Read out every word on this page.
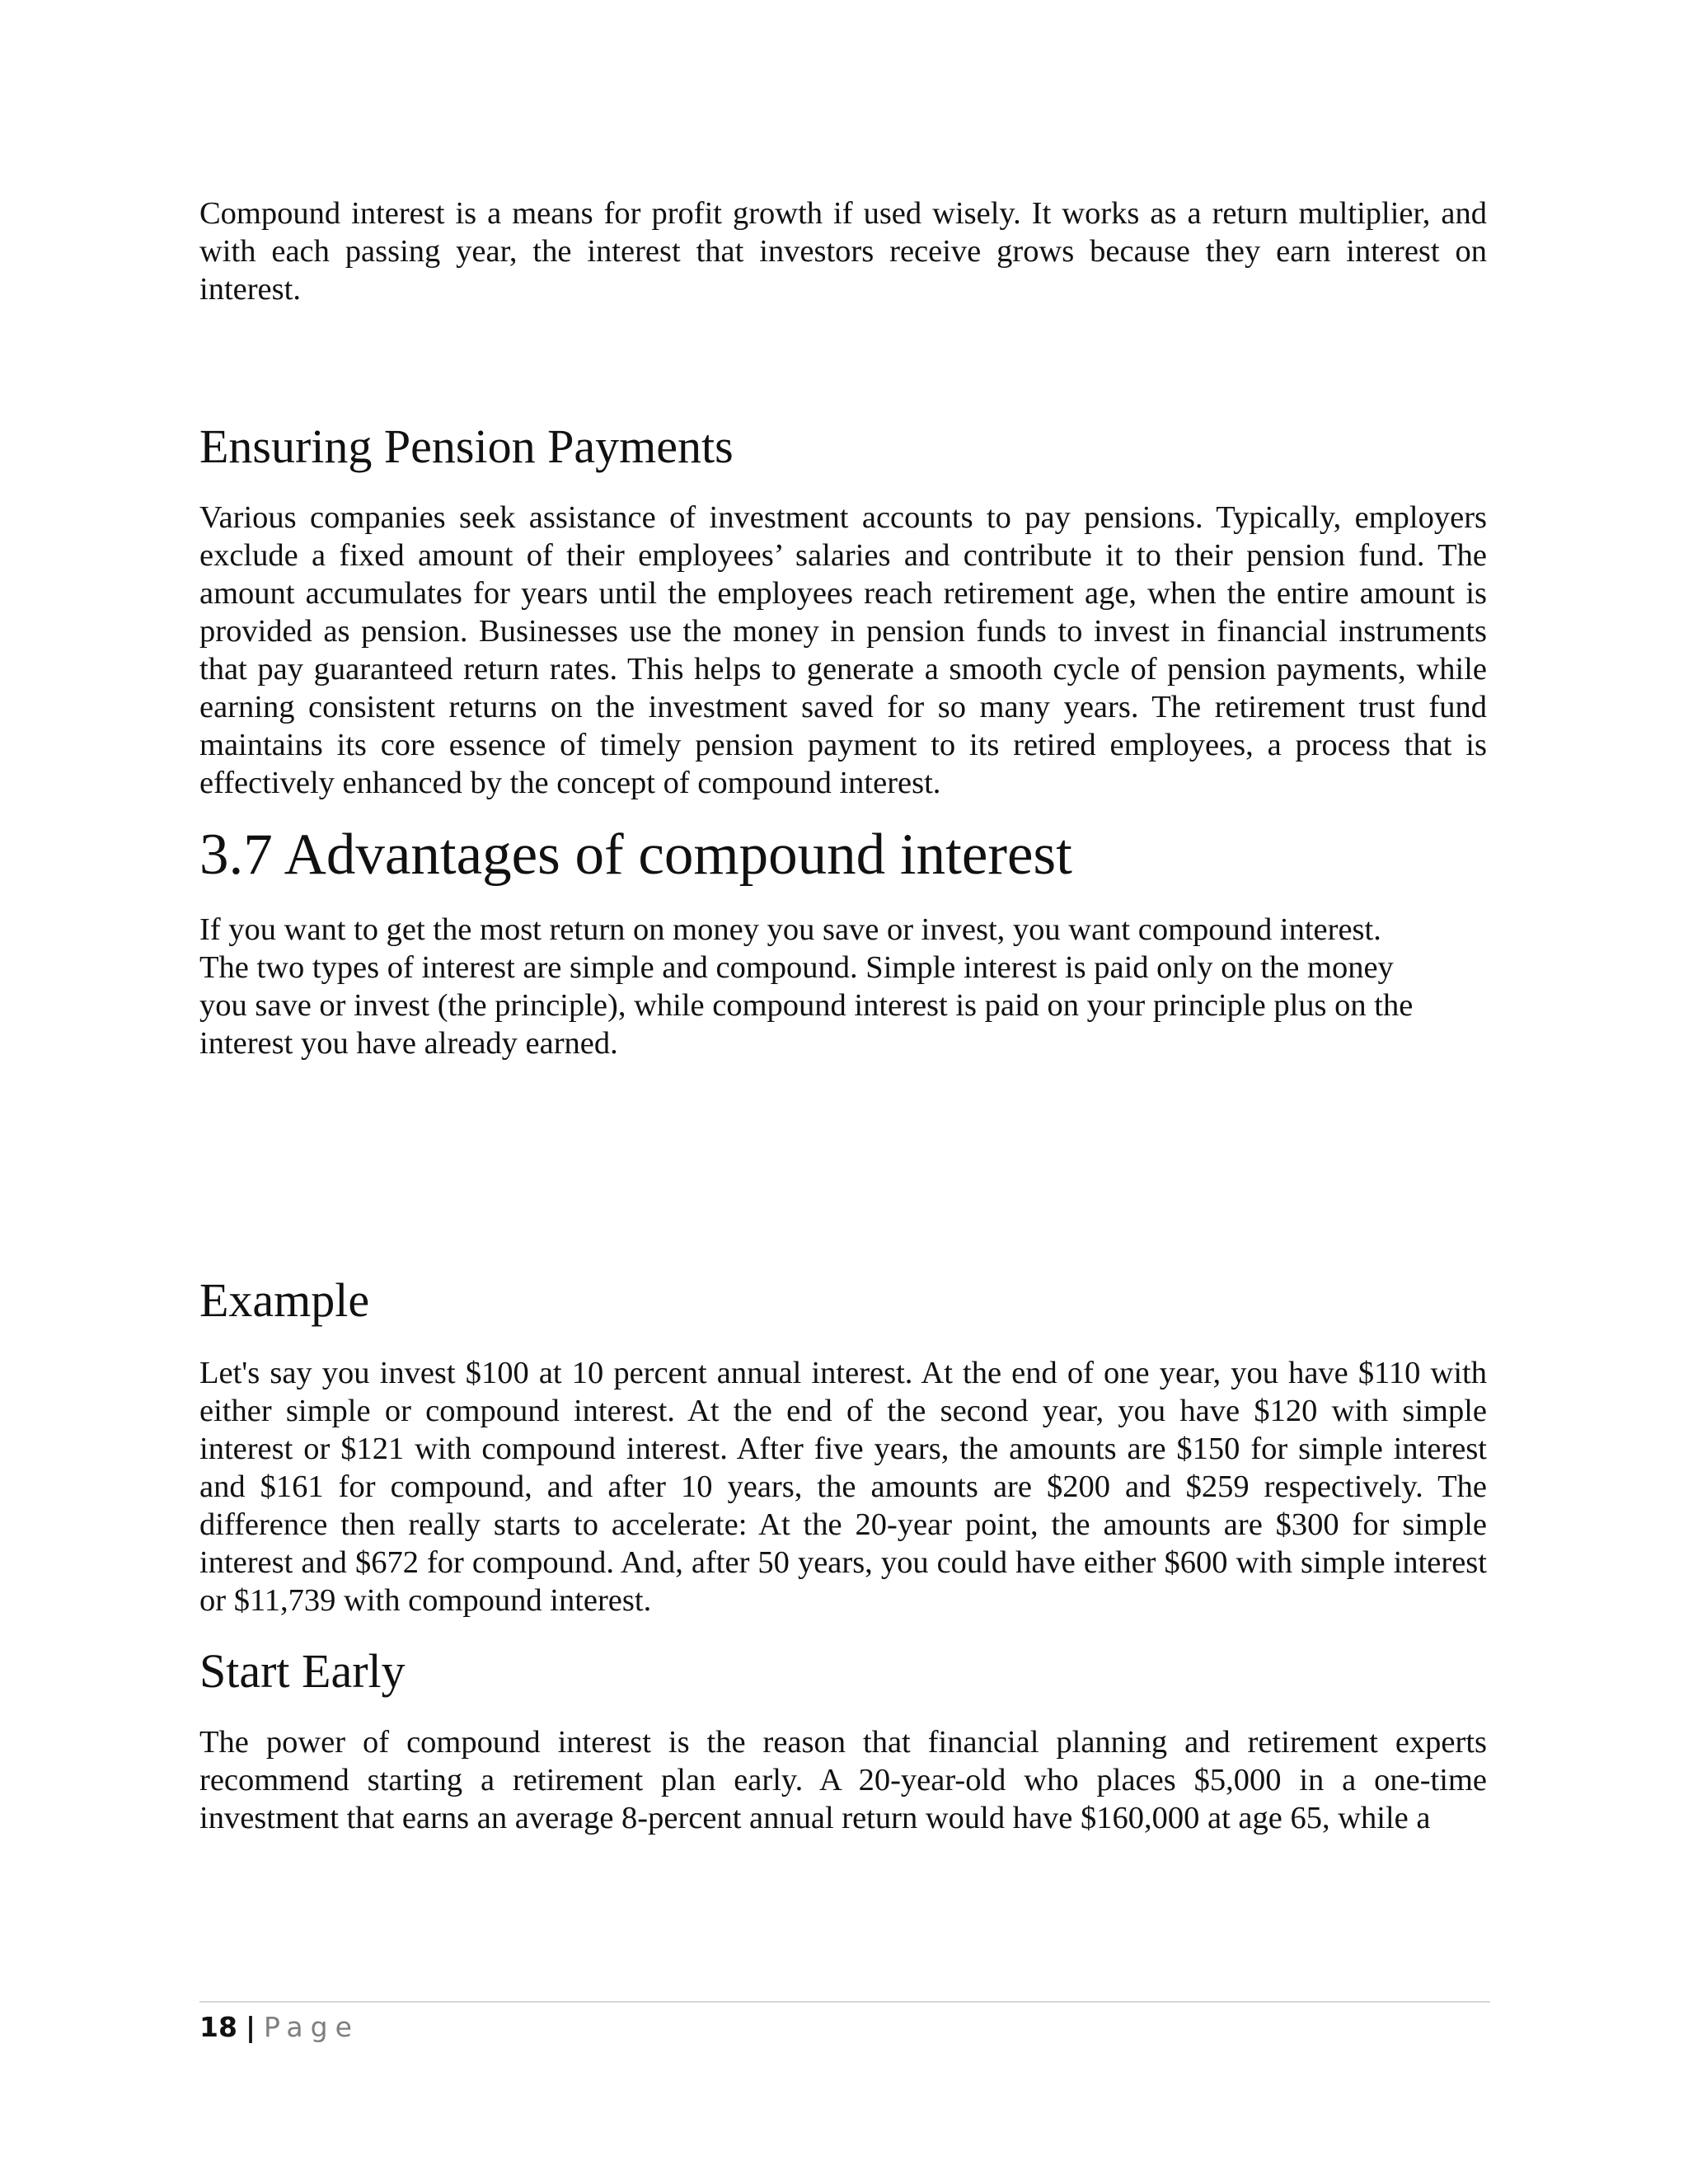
Compound interest is a means for profit growth if used wisely. It works as a return multiplier, and with each passing year, the interest that investors receive grows because they earn interest on interest.

Ensuring Pension Payments

Various companies seek assistance of investment accounts to pay pensions. Typically, employers exclude a fixed amount of their employees’ salaries and contribute it to their pension fund. The amount accumulates for years until the employees reach retirement age, when the entire amount is provided as pension. Businesses use the money in pension funds to invest in financial instruments that pay guaranteed return rates. This helps to generate a smooth cycle of pension payments, while earning consistent returns on the investment saved for so many years. The retirement trust fund maintains its core essence of timely pension payment to its retired employees, a process that is effectively enhanced by the concept of compound interest.

3.7 Advantages of compound interest
If you want to get the most return on money you save or invest, you want compound interest.
The two types of interest are simple and compound. Simple interest is paid only on the money
you save or invest (the principle), while compound interest is paid on your principle plus on the
interest you have already earned.
Example

Let's say you invest $100 at 10 percent annual interest. At the end of one year, you have $110 with either simple or compound interest. At the end of the second year, you have $120 with simple interest or $121 with compound interest. After five years, the amounts are $150 for simple interest and $161 for compound, and after 10 years, the amounts are $200 and $259 respectively. The difference then really starts to accelerate: At the 20-year point, the amounts are $300 for simple interest and $672 for compound. And, after 50 years, you could have either $600 with simple interest or $11,739 with compound interest.

Start Early

The power of compound interest is the reason that financial planning and retirement experts recommend starting a retirement plan early. A 20-year-old who places $5,000 in a one-time investment that earns an average 8-percent annual return would have $160,000 at age 65, while a

18 | Page
